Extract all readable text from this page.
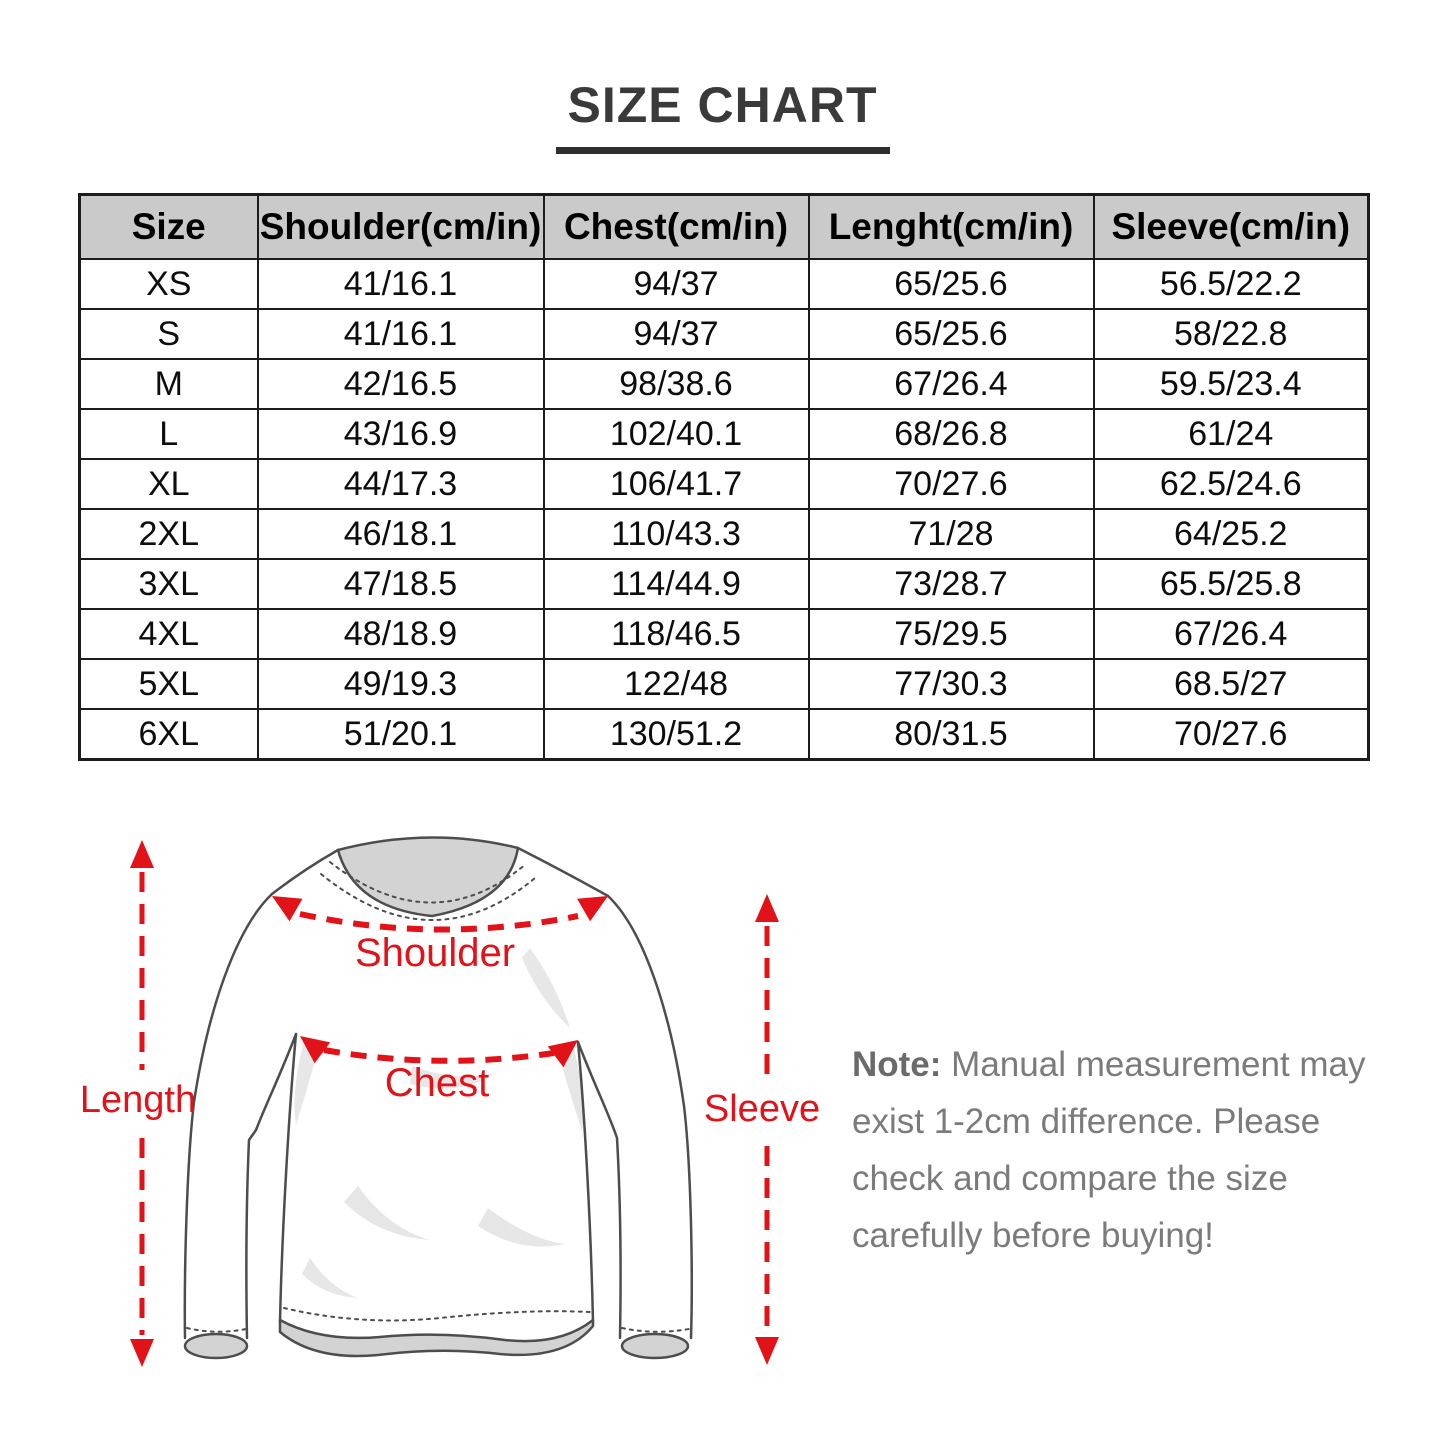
SIZE CHART
Size	Shoulder(cm/in)	Chest(cm/in)	Lenght(cm/in)	Sleeve(cm/in)
XS	41/16.1	94/37	65/25.6	56.5/22.2
S	41/16.1	94/37	65/25.6	58/22.8
M	42/16.5	98/38.6	67/26.4	59.5/23.4
L	43/16.9	102/40.1	68/26.8	61/24
XL	44/17.3	106/41.7	70/27.6	62.5/24.6
2XL	46/18.1	110/43.3	71/28	64/25.2
3XL	47/18.5	114/44.9	73/28.7	65.5/25.8
4XL	48/18.9	118/46.5	75/29.5	67/26.4
5XL	49/19.3	122/48	77/30.3	68.5/27
6XL	51/20.1	130/51.2	80/31.5	70/27.6
Length	Sleeve
Shoulder
Chest	Note: Manual measurement may
exist 1-2cm difference. Please
check and compare the size
carefully before buying!
